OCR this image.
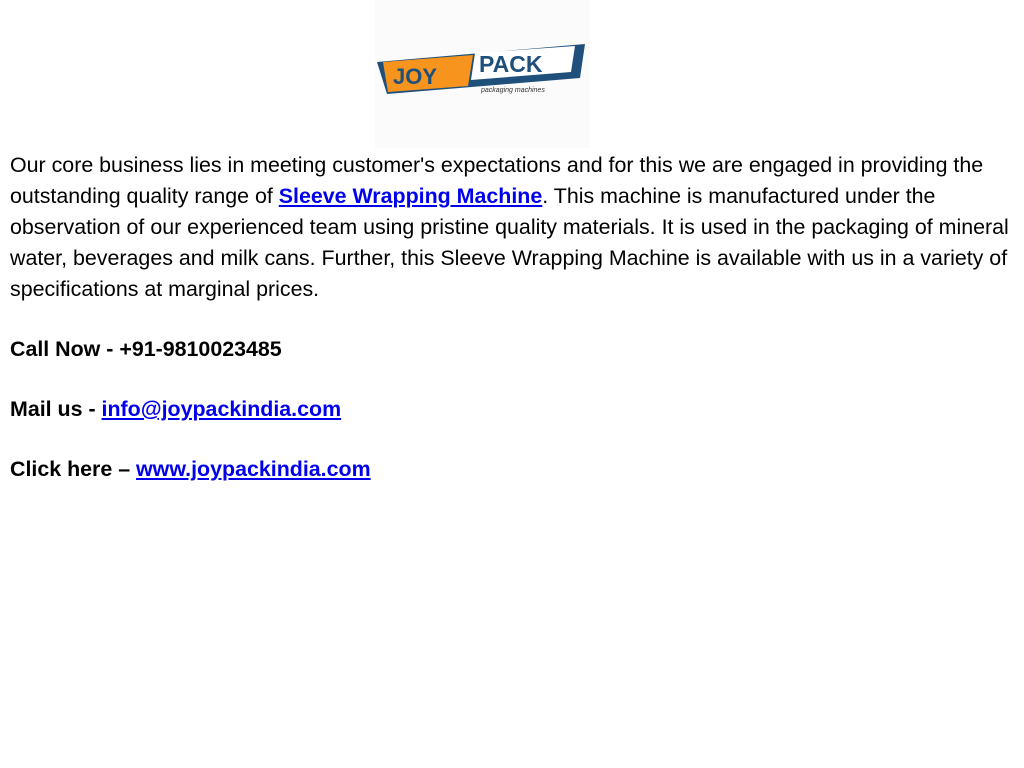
JOY PACK
packaging machines

Our core business lies in meeting customer's expectations and for this we are engaged in providing the outstanding quality range of Sleeve Wrapping Machine. This machine is manufactured under the observation of our experienced team using pristine quality materials. It is used in the packaging of mineral water, beverages and milk cans. Further, this Sleeve Wrapping Machine is available with us in a variety of specifications at marginal prices.

Call Now - +91-9810023485

Mail us - info@joypackindia.com

Click here – www.joypackindia.com
